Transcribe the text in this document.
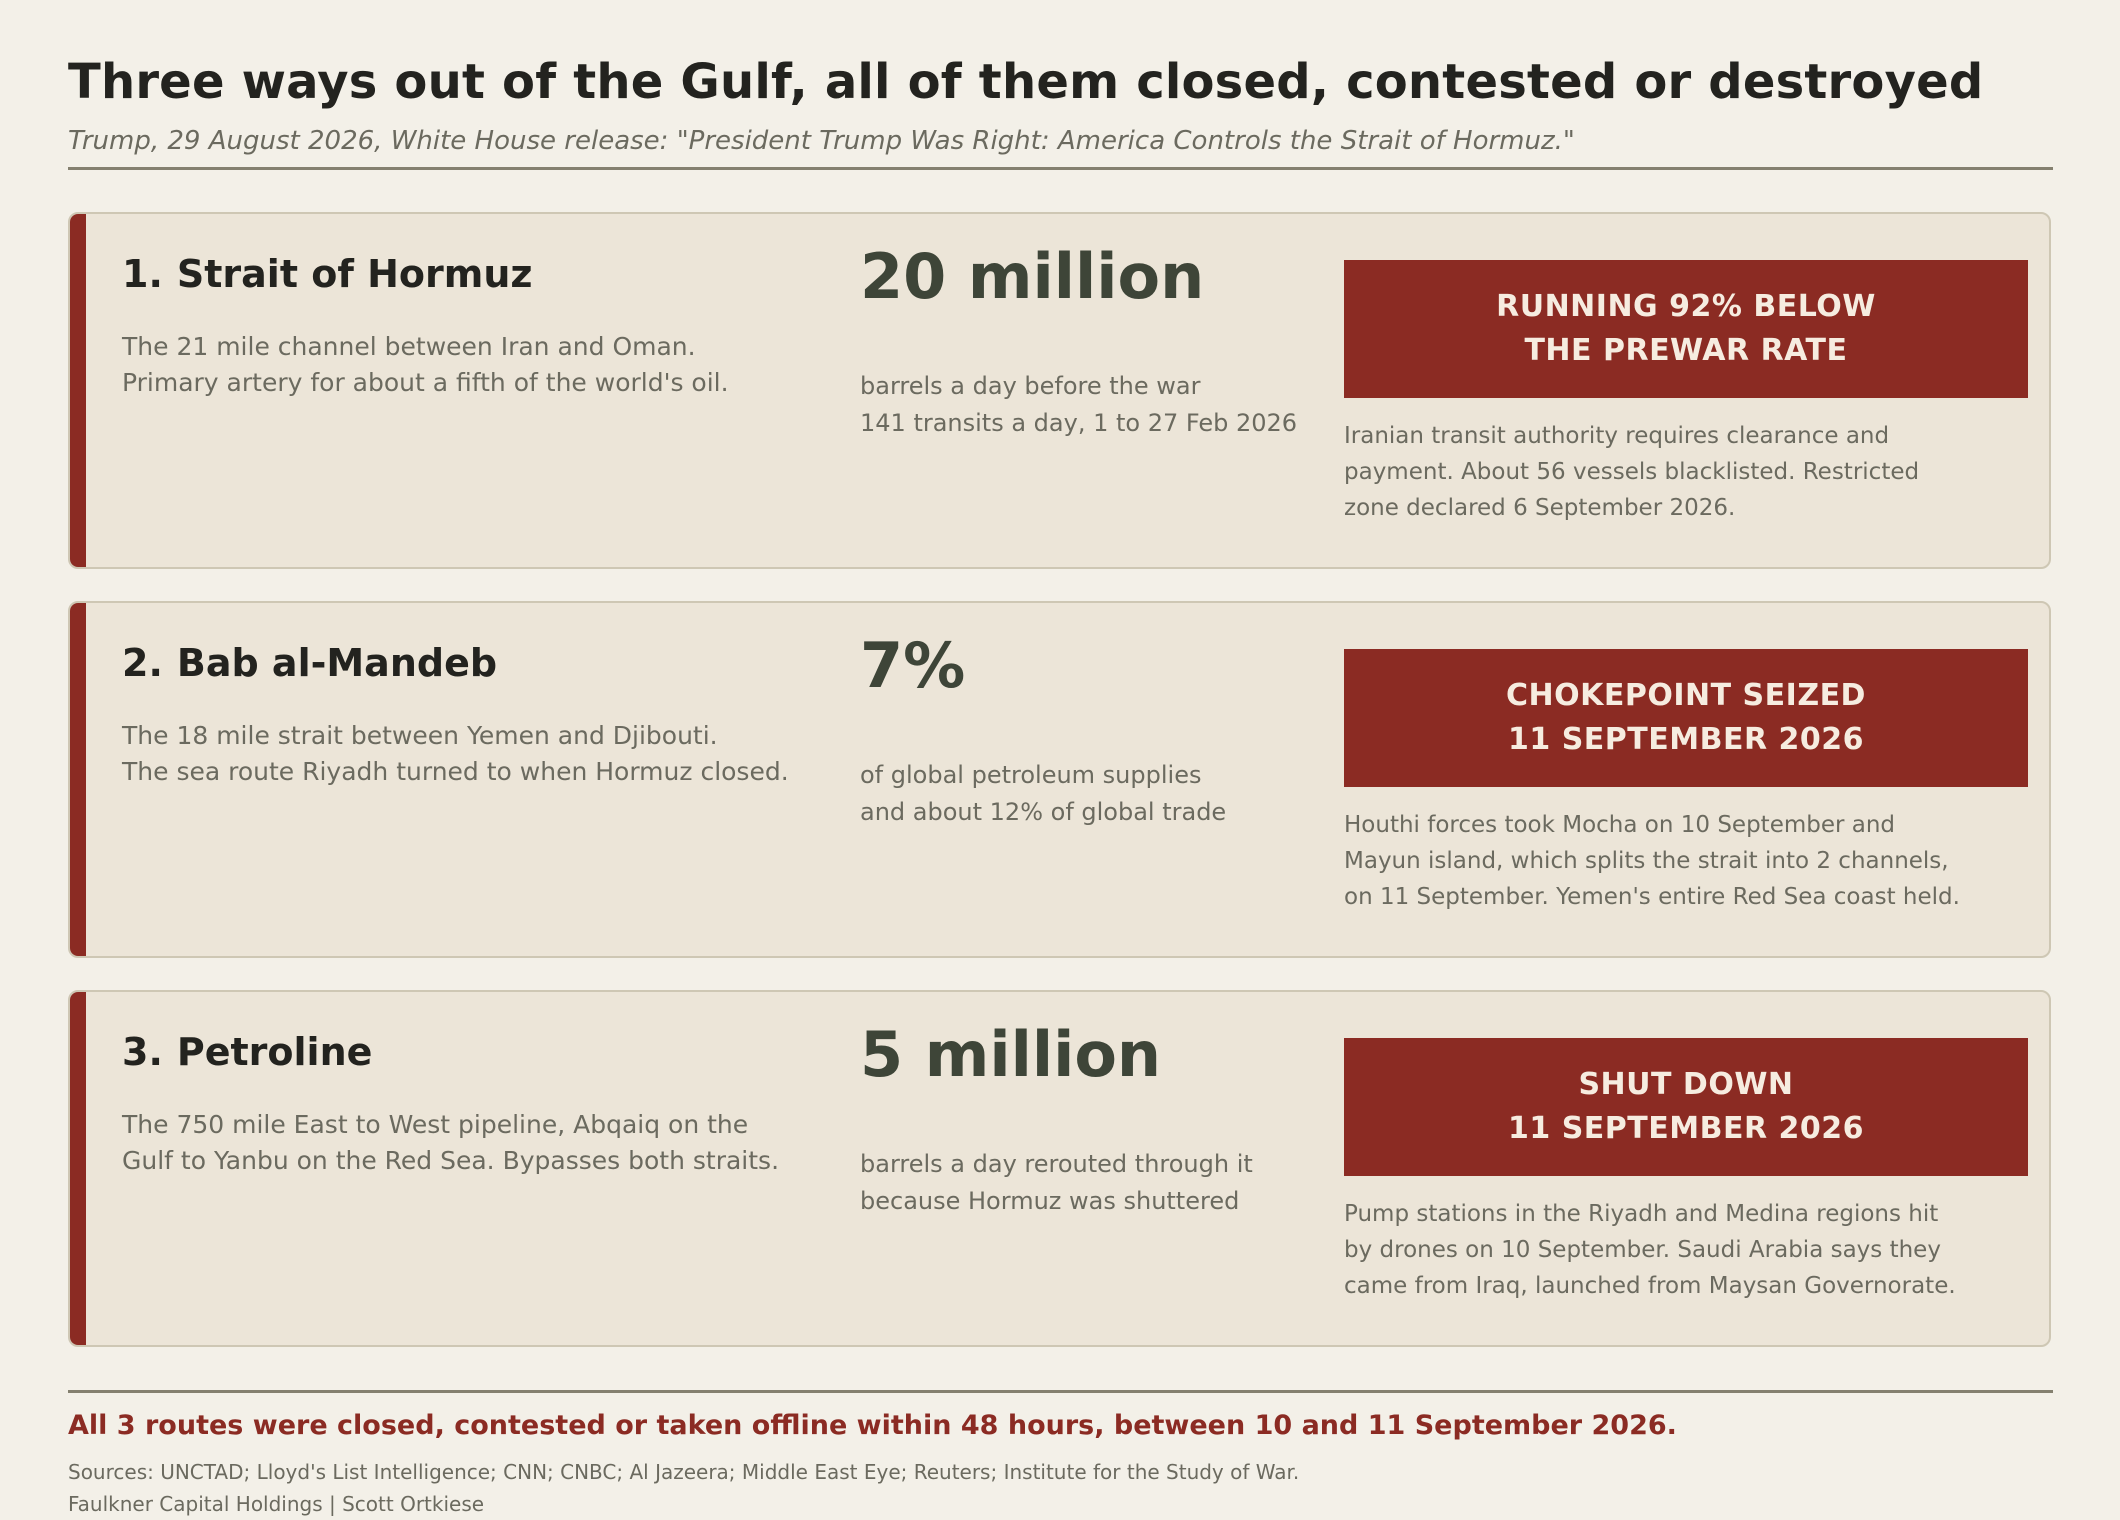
Three ways out of the Gulf, all of them closed, contested or destroyed
Trump, 29 August 2026, White House release: "President Trump Was Right: America Controls the Strait of Hormuz."
1. Strait of Hormuz
The 21 mile channel between Iran and Oman.
Primary artery for about a fifth of the world's oil.
20 million
barrels a day before the war
141 transits a day, 1 to 27 Feb 2026
RUNNING 92% BELOW
THE PREWAR RATE
Iranian transit authority requires clearance and
payment. About 56 vessels blacklisted. Restricted
zone declared 6 September 2026.
2. Bab al-Mandeb
The 18 mile strait between Yemen and Djibouti.
The sea route Riyadh turned to when Hormuz closed.
7%
of global petroleum supplies
and about 12% of global trade
CHOKEPOINT SEIZED
11 SEPTEMBER 2026
Houthi forces took Mocha on 10 September and
Mayun island, which splits the strait into 2 channels,
on 11 September. Yemen's entire Red Sea coast held.
3. Petroline
The 750 mile East to West pipeline, Abqaiq on the
Gulf to Yanbu on the Red Sea. Bypasses both straits.
5 million
barrels a day rerouted through it
because Hormuz was shuttered
SHUT DOWN
11 SEPTEMBER 2026
Pump stations in the Riyadh and Medina regions hit
by drones on 10 September. Saudi Arabia says they
came from Iraq, launched from Maysan Governorate.
All 3 routes were closed, contested or taken offline within 48 hours, between 10 and 11 September 2026.
Sources: UNCTAD; Lloyd's List Intelligence; CNN; CNBC; Al Jazeera; Middle East Eye; Reuters; Institute for the Study of War.
Faulkner Capital Holdings | Scott Ortkiese
